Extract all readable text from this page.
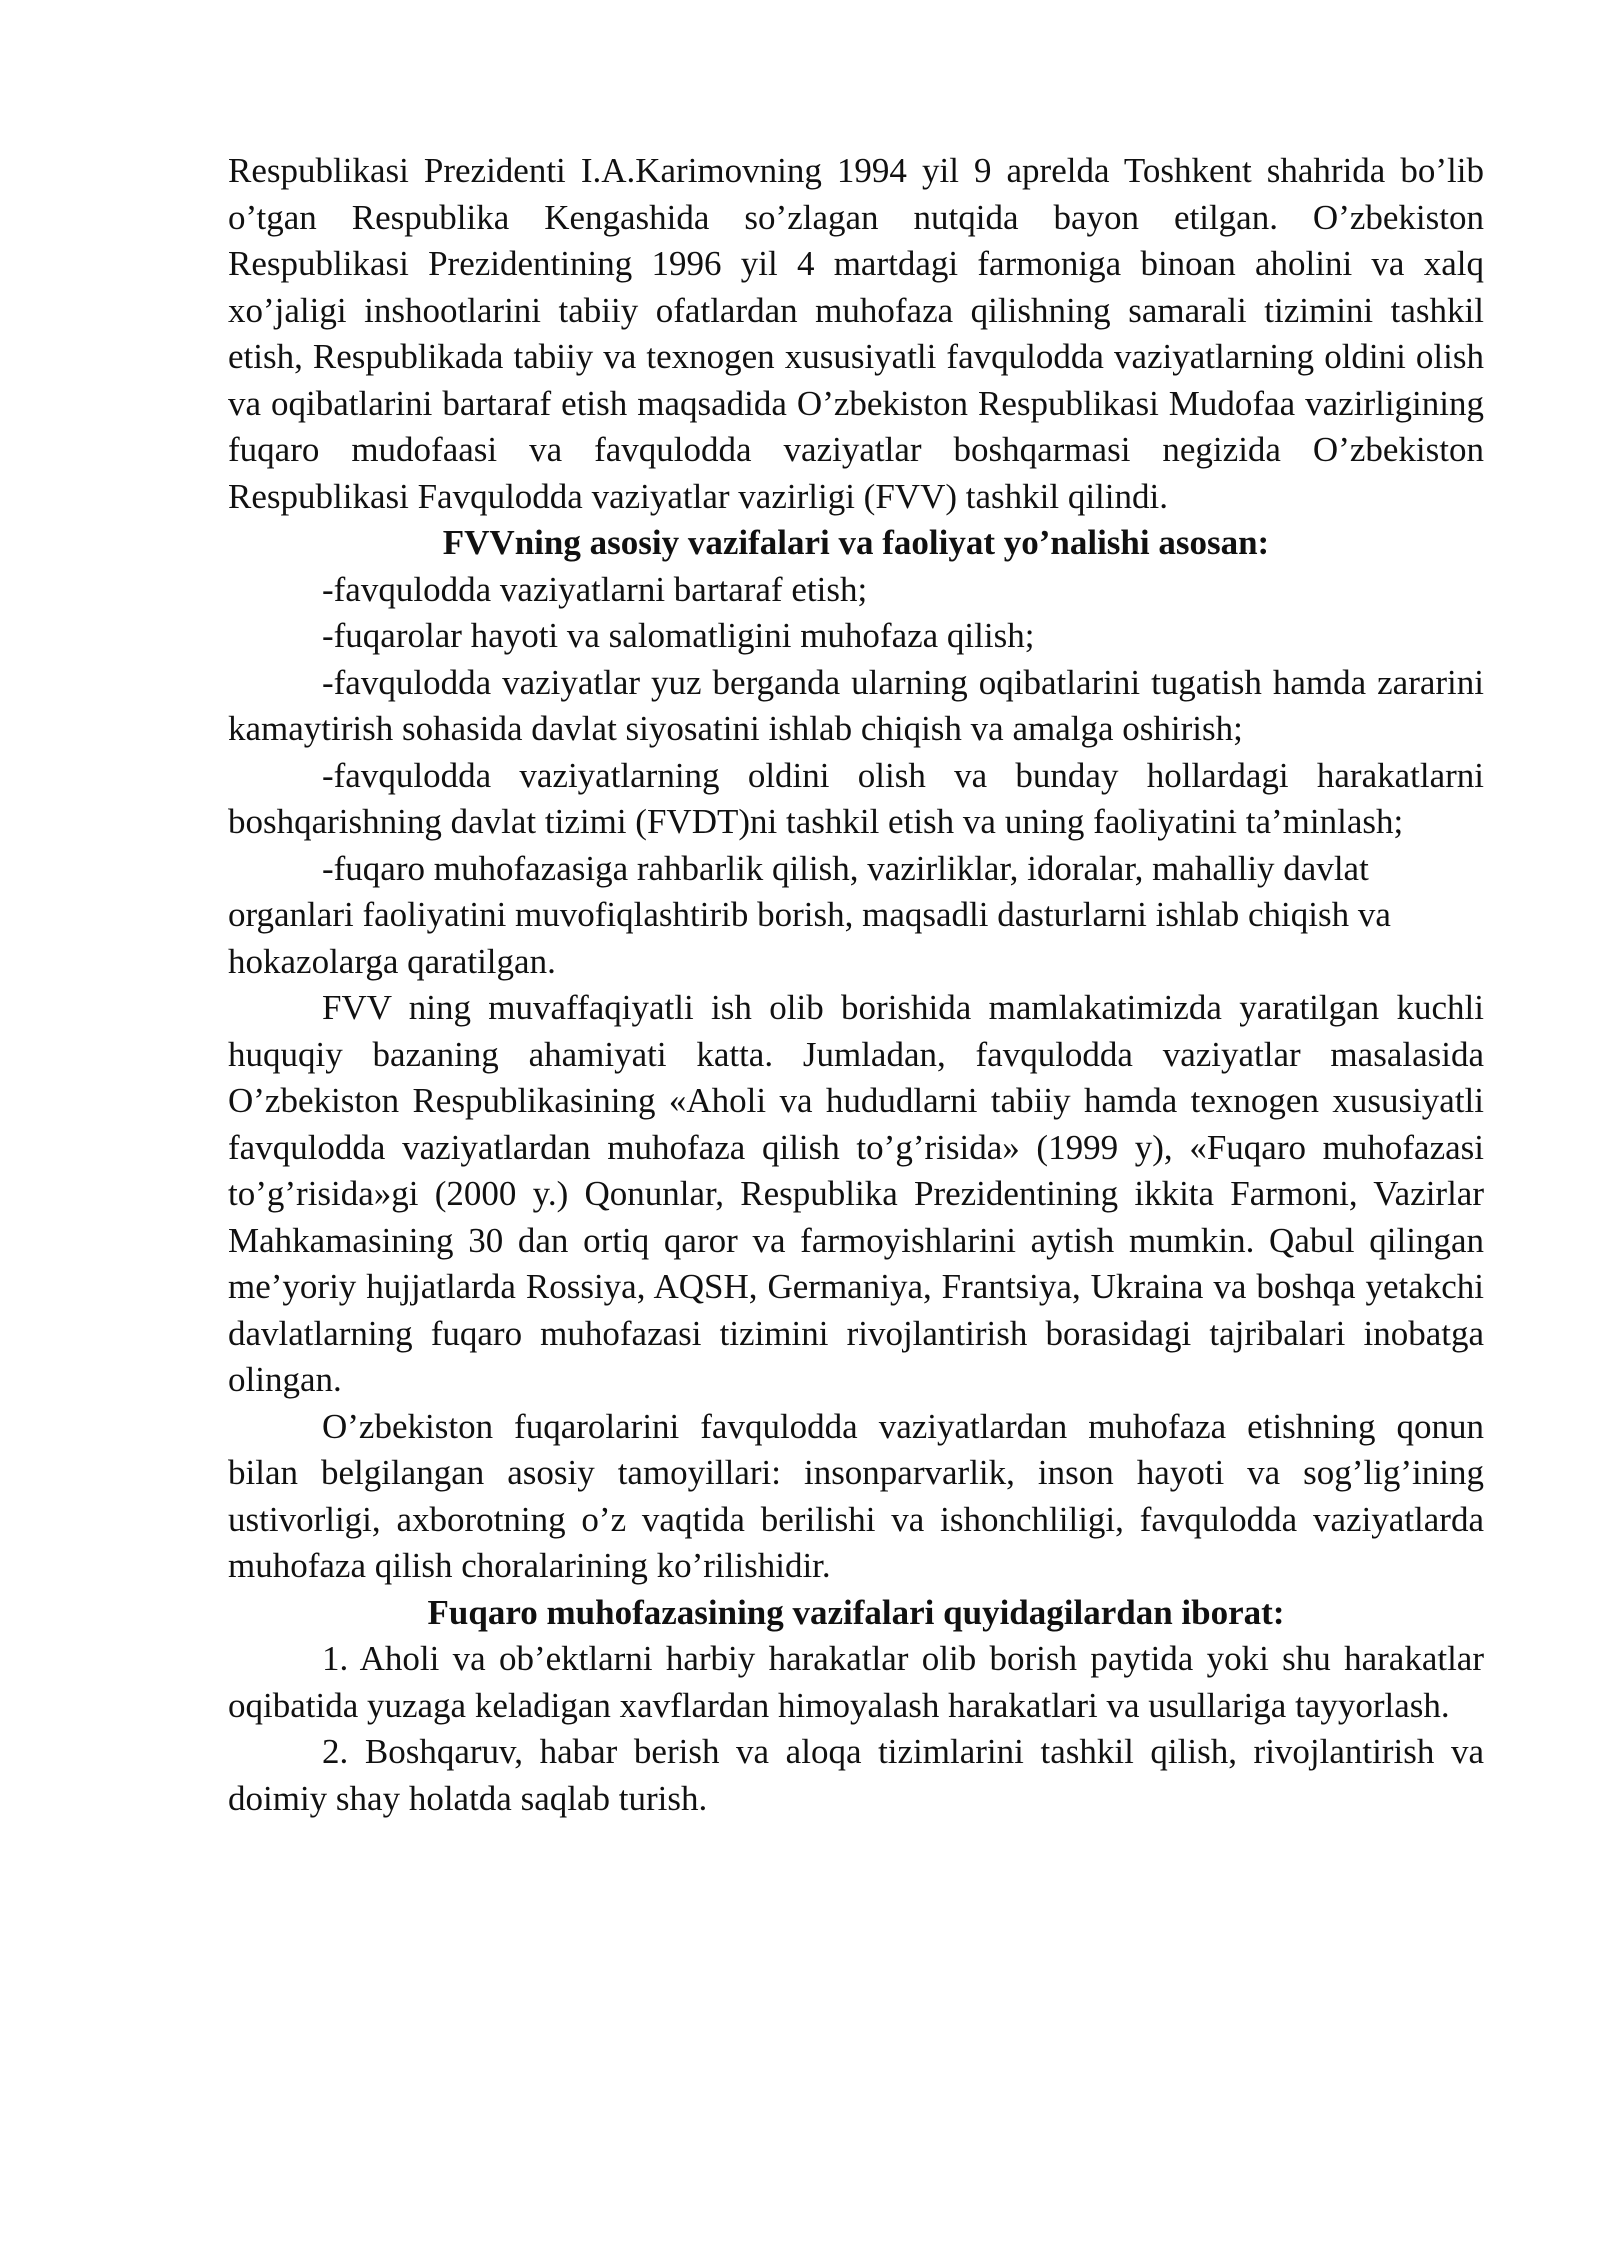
Respublikasi Prezidenti I.A.Karimovning 1994 yil 9 aprelda Toshkent shahrida bo’lib o’tgan Respublika Kengashida so’zlagan nutqida bayon etilgan. O’zbekiston Respublikasi Prezidentining 1996 yil 4 martdagi farmoniga binoan aholini va xalq xo’jaligi inshootlarini tabiiy ofatlardan muhofaza qilishning samarali tizimini tashkil etish, Respublikada tabiiy va texnogen xususiyatli favqulodda vaziyatlarning oldini olish va oqibatlarini bartaraf etish maqsadida O’zbekiston Respublikasi Mudofaa vazirligining fuqaro mudofaasi va favqulodda vaziyatlar boshqarmasi negizida O’zbekiston Respublikasi Favqulodda vaziyatlar vazirligi (FVV) tashkil qilindi.

FVVning asosiy vazifalari va faoliyat yo’nalishi asosan:

-favqulodda vaziyatlarni bartaraf etish;

-fuqarolar hayoti va salomatligini muhofaza qilish;

-favqulodda vaziyatlar yuz berganda ularning oqibatlarini tugatish hamda zararini kamaytirish sohasida davlat siyosatini ishlab chiqish va amalga oshirish;

-favqulodda vaziyatlarning oldini olish va bunday hollardagi harakatlarni boshqarishning davlat tizimi (FVDT)ni tashkil etish va uning faoliyatini ta’minlash;

-fuqaro muhofazasiga rahbarlik qilish, vazirliklar, idoralar, mahalliy davlat organlari faoliyatini muvofiqlashtirib borish, maqsadli dasturlarni ishlab chiqish va hokazolarga qaratilgan.

FVV ning muvaffaqiyatli ish olib borishida mamlakatimizda yaratilgan kuchli huquqiy bazaning ahamiyati katta. Jumladan, favqulodda vaziyatlar masalasida O’zbekiston Respublikasining «Aholi va hududlarni tabiiy hamda texnogen xususiyatli favqulodda vaziyatlardan muhofaza qilish to’g’risida» (1999 y), «Fuqaro muhofazasi to’g’risida»gi (2000 y.) Qonunlar, Respublika Prezidentining ikkita Farmoni, Vazirlar Mahkamasining 30 dan ortiq qaror va farmoyishlarini aytish mumkin. Qabul qilingan me’yoriy hujjatlarda Rossiya, AQSH, Germaniya, Frantsiya, Ukraina va boshqa yetakchi davlatlarning fuqaro muhofazasi tizimini rivojlantirish borasidagi tajribalari inobatga olingan.

O’zbekiston fuqarolarini favqulodda vaziyatlardan muhofaza etishning qonun bilan belgilangan asosiy tamoyillari: insonparvarlik, inson hayoti va sog’lig’ining ustivorligi, axborotning o’z vaqtida berilishi va ishonchliligi, favqulodda vaziyatlarda muhofaza qilish choralarining ko’rilishidir.

Fuqaro muhofazasining vazifalari quyidagilardan iborat:

1. Aholi va ob’ektlarni harbiy harakatlar olib borish paytida yoki shu harakatlar oqibatida yuzaga keladigan xavflardan himoyalash harakatlari va usullariga tayyorlash.

2. Boshqaruv, habar berish va aloqa tizimlarini tashkil qilish, rivojlantirish va doimiy shay holatda saqlab turish.
